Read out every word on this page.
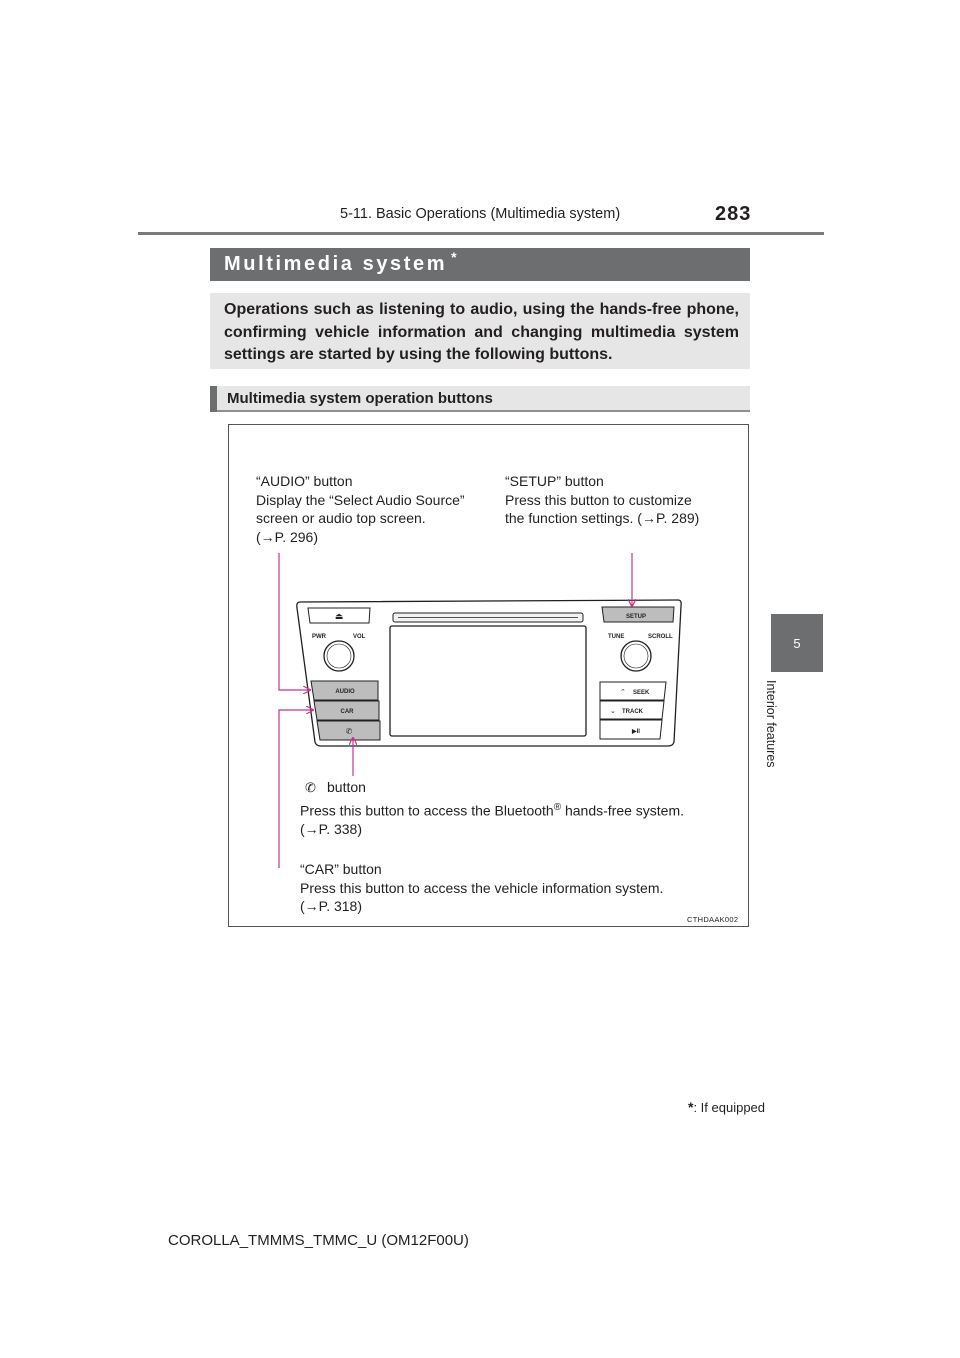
5-11. Basic Operations (Multimedia system)	283
5
Interior features
Multimedia system *
Operations such as listening to audio, using the hands-free phone, confirming vehicle information and changing multimedia system settings are started by using the following buttons.
Multimedia system operation buttons
⏏
PWR	VOL
AUDIO
CAR
✆
SETUP
TUNE	SCROLL
⌃ SEEK
⌄ TRACK
▶II
“AUDIO” button
Display the “Select Audio Source”
screen or audio top screen.
(→P. 296)
“SETUP” button
Press this button to customize
the function settings. (→P. 289)
✆ button
Press this button to access the Bluetooth® hands-free system.
(→P. 338)
“CAR” button
Press this button to access the vehicle information system.
(→P. 318)
CTHDAAK002
*: If equipped
COROLLA_TMMMS_TMMC_U (OM12F00U)
